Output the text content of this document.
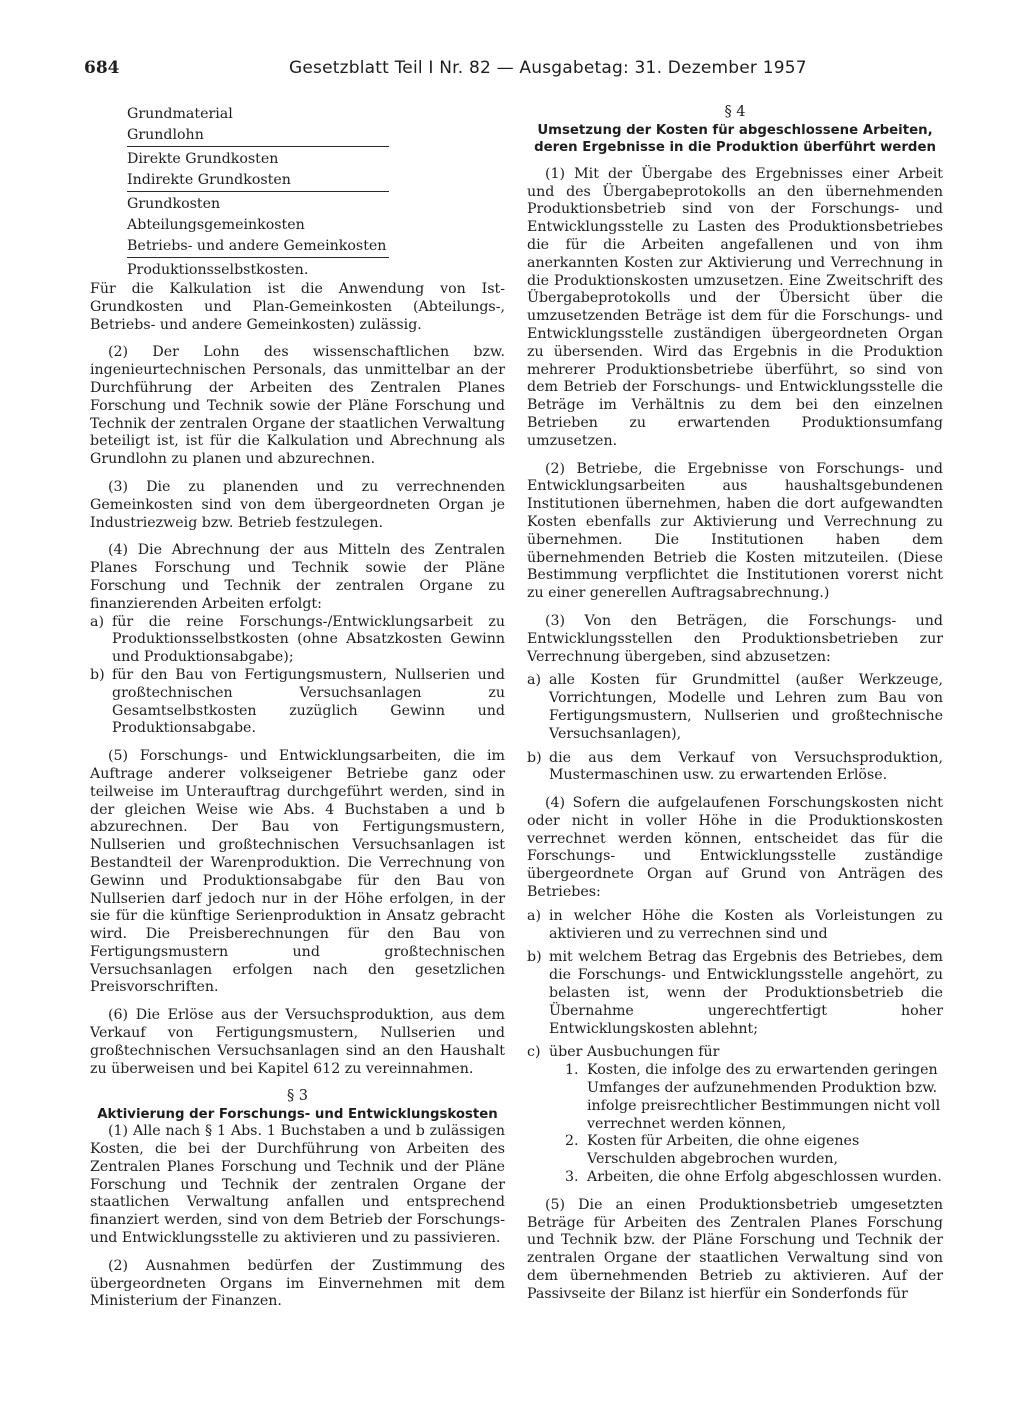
684	Gesetzblatt Teil I Nr. 82 — Ausgabetag: 31. Dezember 1957
Grundmaterial
Grundlohn
Direkte Grundkosten
Indirekte Grundkosten
Grundkosten
Abteilungsgemeinkosten
Betriebs- und andere Gemeinkosten
Produktionsselbstkosten.

Für die Kalkulation ist die Anwendung von Ist-Grundkosten und Plan-Gemeinkosten (Abteilungs-, Betriebs- und andere Gemeinkosten) zulässig.

(2) Der Lohn des wissenschaftlichen bzw. ingenieurtechnischen Personals, das unmittelbar an der Durchführung der Arbeiten des Zentralen Planes Forschung und Technik sowie der Pläne Forschung und Technik der zentralen Organe der staatlichen Verwaltung beteiligt ist, ist für die Kalkulation und Abrechnung als Grundlohn zu planen und abzurechnen.

(3) Die zu planenden und zu verrechnenden Gemeinkosten sind von dem übergeordneten Organ je Industriezweig bzw. Betrieb festzulegen.

(4) Die Abrechnung der aus Mitteln des Zentralen Planes Forschung und Technik sowie der Pläne Forschung und Technik der zentralen Organe zu finanzierenden Arbeiten erfolgt:

a) für die reine Forschungs-/Entwicklungsarbeit zu Produktionsselbstkosten (ohne Absatzkosten Gewinn und Produktionsabgabe);
b) für den Bau von Fertigungsmustern, Nullserien und großtechnischen Versuchsanlagen zu Gesamtselbstkosten zuzüglich Gewinn und Produktionsabgabe.

(5) Forschungs- und Entwicklungsarbeiten, die im Auftrage anderer volkseigener Betriebe ganz oder teilweise im Unterauftrag durchgeführt werden, sind in der gleichen Weise wie Abs. 4 Buchstaben a und b abzurechnen. Der Bau von Fertigungsmustern, Nullserien und großtechnischen Versuchsanlagen ist Bestandteil der Warenproduktion. Die Verrechnung von Gewinn und Produktionsabgabe für den Bau von Nullserien darf jedoch nur in der Höhe erfolgen, in der sie für die künftige Serienproduktion in Ansatz gebracht wird. Die Preisberechnungen für den Bau von Fertigungsmustern und großtechnischen Versuchsanlagen erfolgen nach den gesetzlichen Preisvorschriften.

(6) Die Erlöse aus der Versuchsproduktion, aus dem Verkauf von Fertigungsmustern, Nullserien und großtechnischen Versuchsanlagen sind an den Haushalt zu überweisen und bei Kapitel 612 zu vereinnahmen.

§ 3
Aktivierung der Forschungs- und Entwicklungskosten

(1) Alle nach § 1 Abs. 1 Buchstaben a und b zulässigen Kosten, die bei der Durchführung von Arbeiten des Zentralen Planes Forschung und Technik und der Pläne Forschung und Technik der zentralen Organe der staatlichen Verwaltung anfallen und entsprechend finanziert werden, sind von dem Betrieb der Forschungs- und Entwicklungsstelle zu aktivieren und zu passivieren.

(2) Ausnahmen bedürfen der Zustimmung des übergeordneten Organs im Einvernehmen mit dem Ministerium der Finanzen.

§ 4
Umsetzung der Kosten für abgeschlossene Arbeiten, deren Ergebnisse in die Produktion überführt werden

(1) Mit der Übergabe des Ergebnisses einer Arbeit und des Übergabeprotokolls an den übernehmenden Produktionsbetrieb sind von der Forschungs- und Entwicklungsstelle zu Lasten des Produktionsbetriebes die für die Arbeiten angefallenen und von ihm anerkannten Kosten zur Aktivierung und Verrechnung in die Produktionskosten umzusetzen. Eine Zweitschrift des Übergabeprotokolls und der Übersicht über die umzusetzenden Beträge ist dem für die Forschungs- und Entwicklungsstelle zuständigen übergeordneten Organ zu übersenden. Wird das Ergebnis in die Produktion mehrerer Produktionsbetriebe überführt, so sind von dem Betrieb der Forschungs- und Entwicklungsstelle die Beträge im Verhältnis zu dem bei den einzelnen Betrieben zu erwartenden Produktionsumfang umzusetzen.

(2) Betriebe, die Ergebnisse von Forschungs- und Entwicklungsarbeiten aus haushaltsgebundenen Institutionen übernehmen, haben die dort aufgewandten Kosten ebenfalls zur Aktivierung und Verrechnung zu übernehmen. Die Institutionen haben dem übernehmenden Betrieb die Kosten mitzuteilen. (Diese Bestimmung verpflichtet die Institutionen vorerst nicht zu einer generellen Auftragsabrechnung.)

(3) Von den Beträgen, die Forschungs- und Entwicklungsstellen den Produktionsbetrieben zur Verrechnung übergeben, sind abzusetzen:

a) alle Kosten für Grundmittel (außer Werkzeuge, Vorrichtungen, Modelle und Lehren zum Bau von Fertigungsmustern, Nullserien und großtechnische Versuchsanlagen),
b) die aus dem Verkauf von Versuchsproduktion, Mustermaschinen usw. zu erwartenden Erlöse.

(4) Sofern die aufgelaufenen Forschungskosten nicht oder nicht in voller Höhe in die Produktionskosten verrechnet werden können, entscheidet das für die Forschungs- und Entwicklungsstelle zuständige übergeordnete Organ auf Grund von Anträgen des Betriebes:

a) in welcher Höhe die Kosten als Vorleistungen zu aktivieren und zu verrechnen sind und
b) mit welchem Betrag das Ergebnis des Betriebes, dem die Forschungs- und Entwicklungsstelle angehört, zu belasten ist, wenn der Produktionsbetrieb die Übernahme ungerechtfertigt hoher Entwicklungskosten ablehnt;
c) über Ausbuchungen für
1. Kosten, die infolge des zu erwartenden geringen Umfanges der aufzunehmenden Produktion bzw. infolge preisrechtlicher Bestimmungen nicht voll verrechnet werden können,
2. Kosten für Arbeiten, die ohne eigenes Verschulden abgebrochen wurden,
3. Arbeiten, die ohne Erfolg abgeschlossen wurden.

(5) Die an einen Produktionsbetrieb umgesetzten Beträge für Arbeiten des Zentralen Planes Forschung und Technik bzw. der Pläne Forschung und Technik der zentralen Organe der staatlichen Verwaltung sind von dem übernehmenden Betrieb zu aktivieren. Auf der Passivseite der Bilanz ist hierfür ein Sonderfonds für
